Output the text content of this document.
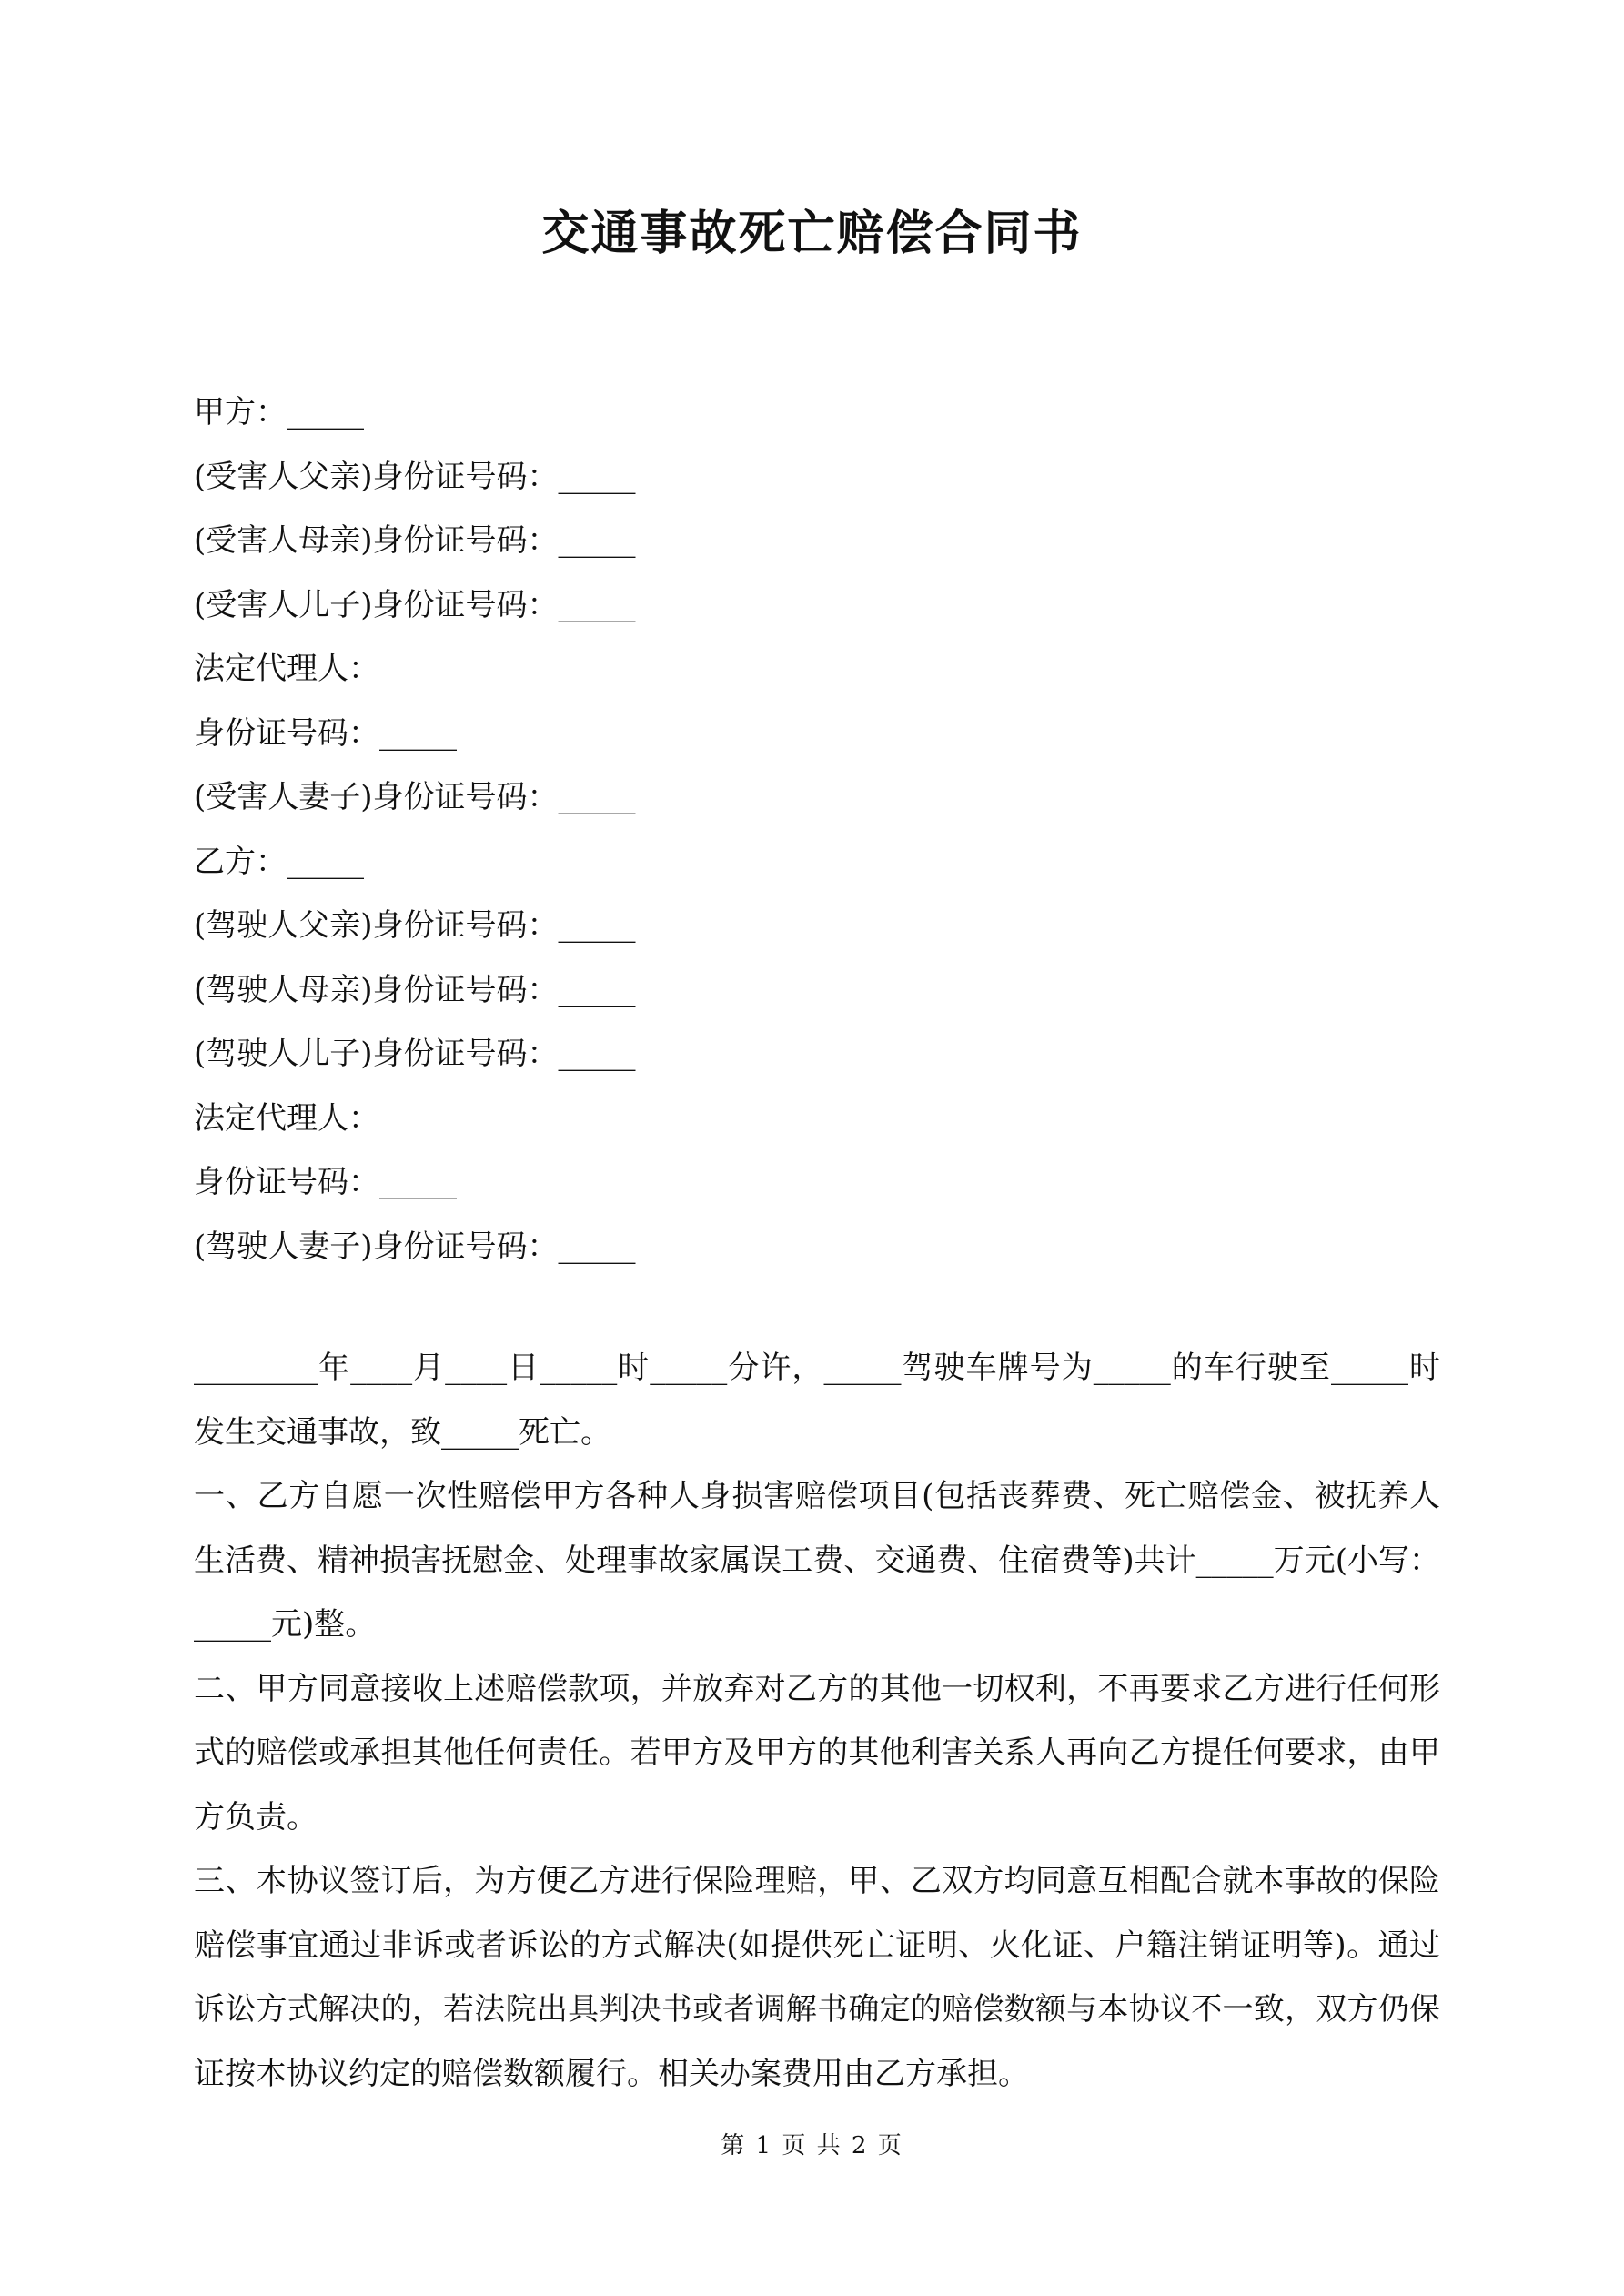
交通事故死亡赔偿合同书
甲方：_____
(受害人父亲)身份证号码：_____
(受害人母亲)身份证号码：_____
(受害人儿子)身份证号码：_____
法定代理人：
身份证号码：_____
(受害人妻子)身份证号码：_____
乙方：_____
(驾驶人父亲)身份证号码：_____
(驾驶人母亲)身份证号码：_____
(驾驶人儿子)身份证号码：_____
法定代理人：
身份证号码：_____
(驾驶人妻子)身份证号码：_____

________年____月____日_____时_____分许，_____驾驶车牌号为_____的车行驶至_____时发生交通事故，致_____死亡。

一、乙方自愿一次性赔偿甲方各种人身损害赔偿项目(包括丧葬费、死亡赔偿金、被抚养人生活费、精神损害抚慰金、处理事故家属误工费、交通费、住宿费等)共计_____万元(小写：_____元)整。

二、甲方同意接收上述赔偿款项，并放弃对乙方的其他一切权利，不再要求乙方进行任何形式的赔偿或承担其他任何责任。若甲方及甲方的其他利害关系人再向乙方提任何要求，由甲方负责。

三、本协议签订后，为方便乙方进行保险理赔，甲、乙双方均同意互相配合就本事故的保险赔偿事宜通过非诉或者诉讼的方式解决(如提供死亡证明、火化证、户籍注销证明等)。通过诉讼方式解决的，若法院出具判决书或者调解书确定的赔偿数额与本协议不一致，双方仍保证按本协议约定的赔偿数额履行。相关办案费用由乙方承担。

第 1 页 共 2 页
